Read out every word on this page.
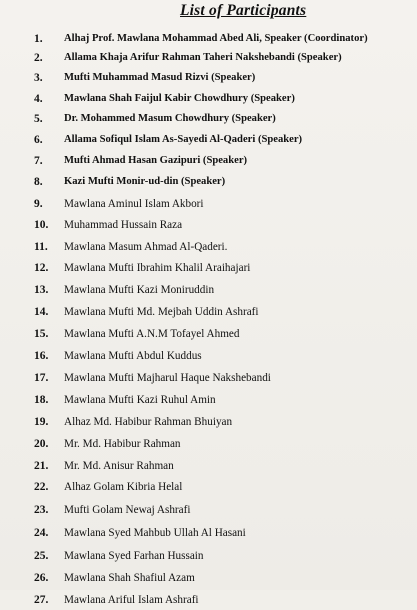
List of Participants
1. Alhaj Prof. Mawlana Mohammad Abed Ali, Speaker (Coordinator)
2. Allama Khaja Arifur Rahman Taheri Nakshebandi (Speaker)
3. Mufti Muhammad Masud Rizvi (Speaker)
4. Mawlana Shah Faijul Kabir Chowdhury (Speaker)
5. Dr. Mohammed Masum Chowdhury (Speaker)
6. Allama Sofiqul Islam As-Sayedi Al-Qaderi (Speaker)
7. Mufti Ahmad Hasan Gazipuri (Speaker)
8. Kazi Mufti Monir-ud-din (Speaker)
9. Mawlana Aminul Islam Akbori
10. Muhammad Hussain Raza
11. Mawlana Masum Ahmad Al-Qaderi.
12. Mawlana Mufti Ibrahim Khalil Araihajari
13. Mawlana Mufti Kazi Moniruddin
14. Mawlana Mufti Md. Mejbah Uddin Ashrafi
15. Mawlana Mufti A.N.M Tofayel Ahmed
16. Mawlana Mufti Abdul Kuddus
17. Mawlana Mufti Majharul Haque Nakshebandi
18. Mawlana Mufti Kazi Ruhul Amin
19. Alhaz Md. Habibur Rahman Bhuiyan
20. Mr. Md. Habibur Rahman
21. Mr. Md. Anisur Rahman
22. Alhaz Golam Kibria Helal
23. Mufti Golam Newaj Ashrafi
24. Mawlana Syed Mahbub Ullah Al Hasani
25. Mawlana Syed Farhan Hussain
26. Mawlana Shah Shafiul Azam
27. Mawlana Ariful Islam Ashrafi
